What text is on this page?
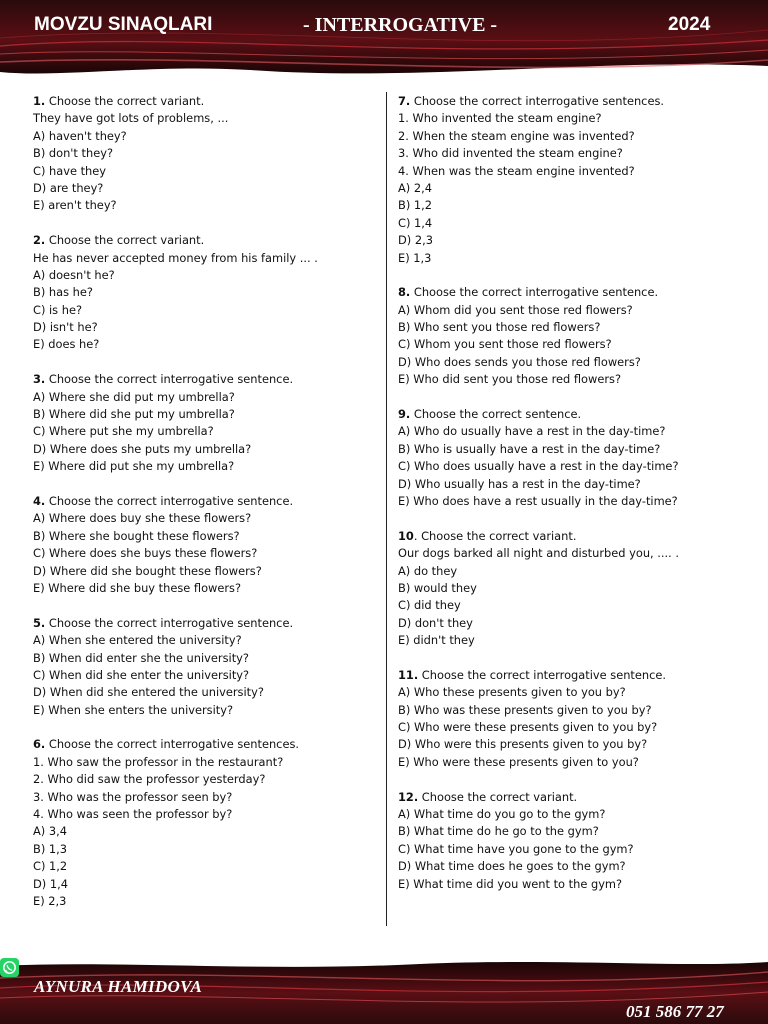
MOVZU SINAQLARI	- INTERROGATIVE -	2024
1. Choose the correct variant.
They have got lots of problems, ...
A) haven't they?
B) don't they?
C) have they
D) are they?
E) aren't they?
2. Choose the correct variant.
He has never accepted money from his family ... .
A) doesn't he?
B) has he?
C) is he?
D) isn't he?
E) does he?
3. Choose the correct interrogative sentence.
A) Where she did put my umbrella?
B) Where did she put my umbrella?
C) Where put she my umbrella?
D) Where does she puts my umbrella?
E) Where did put she my umbrella?
4. Choose the correct interrogative sentence.
A) Where does buy she these flowers?
B) Where she bought these flowers?
C) Where does she buys these flowers?
D) Where did she bought these flowers?
E) Where did she buy these flowers?
5. Choose the correct interrogative sentence.
A) When she entered the university?
B) When did enter she the university?
C) When did she enter the university?
D) When did she entered the university?
E) When she enters the university?
6. Choose the correct interrogative sentences.
1. Who saw the professor in the restaurant?
2. Who did saw the professor yesterday?
3. Who was the professor seen by?
4. Who was seen the professor by?
A) 3,4
B) 1,3
C) 1,2
D) 1,4
E) 2,3
7. Choose the correct interrogative sentences.
1. Who invented the steam engine?
2. When the steam engine was invented?
3. Who did invented the steam engine?
4. When was the steam engine invented?
A) 2,4
B) 1,2
C) 1,4
D) 2,3
E) 1,3
8. Choose the correct interrogative sentence.
A) Whom did you sent those red flowers?
B) Who sent you those red flowers?
C) Whom you sent those red flowers?
D) Who does sends you those red flowers?
E) Who did sent you those red flowers?
9. Choose the correct sentence.
A) Who do usually have a rest in the day-time?
B) Who is usually have a rest in the day-time?
C) Who does usually have a rest in the day-time?
D) Who usually has a rest in the day-time?
E) Who does have a rest usually in the day-time?
10. Choose the correct variant.
Our dogs barked all night and disturbed you, .... .
A) do they
B) would they
C) did they
D) don't they
E) didn't they
11. Choose the correct interrogative sentence.
A) Who these presents given to you by?
B) Who was these presents given to you by?
C) Who were these presents given to you by?
D) Who were this presents given to you by?
E) Who were these presents given to you?
12. Choose the correct variant.
A) What time do you go to the gym?
B) What time do he go to the gym?
C) What time have you gone to the gym?
D) What time does he goes to the gym?
E) What time did you went to the gym?
AYNURA HAMIDOVA
051 586 77 27
